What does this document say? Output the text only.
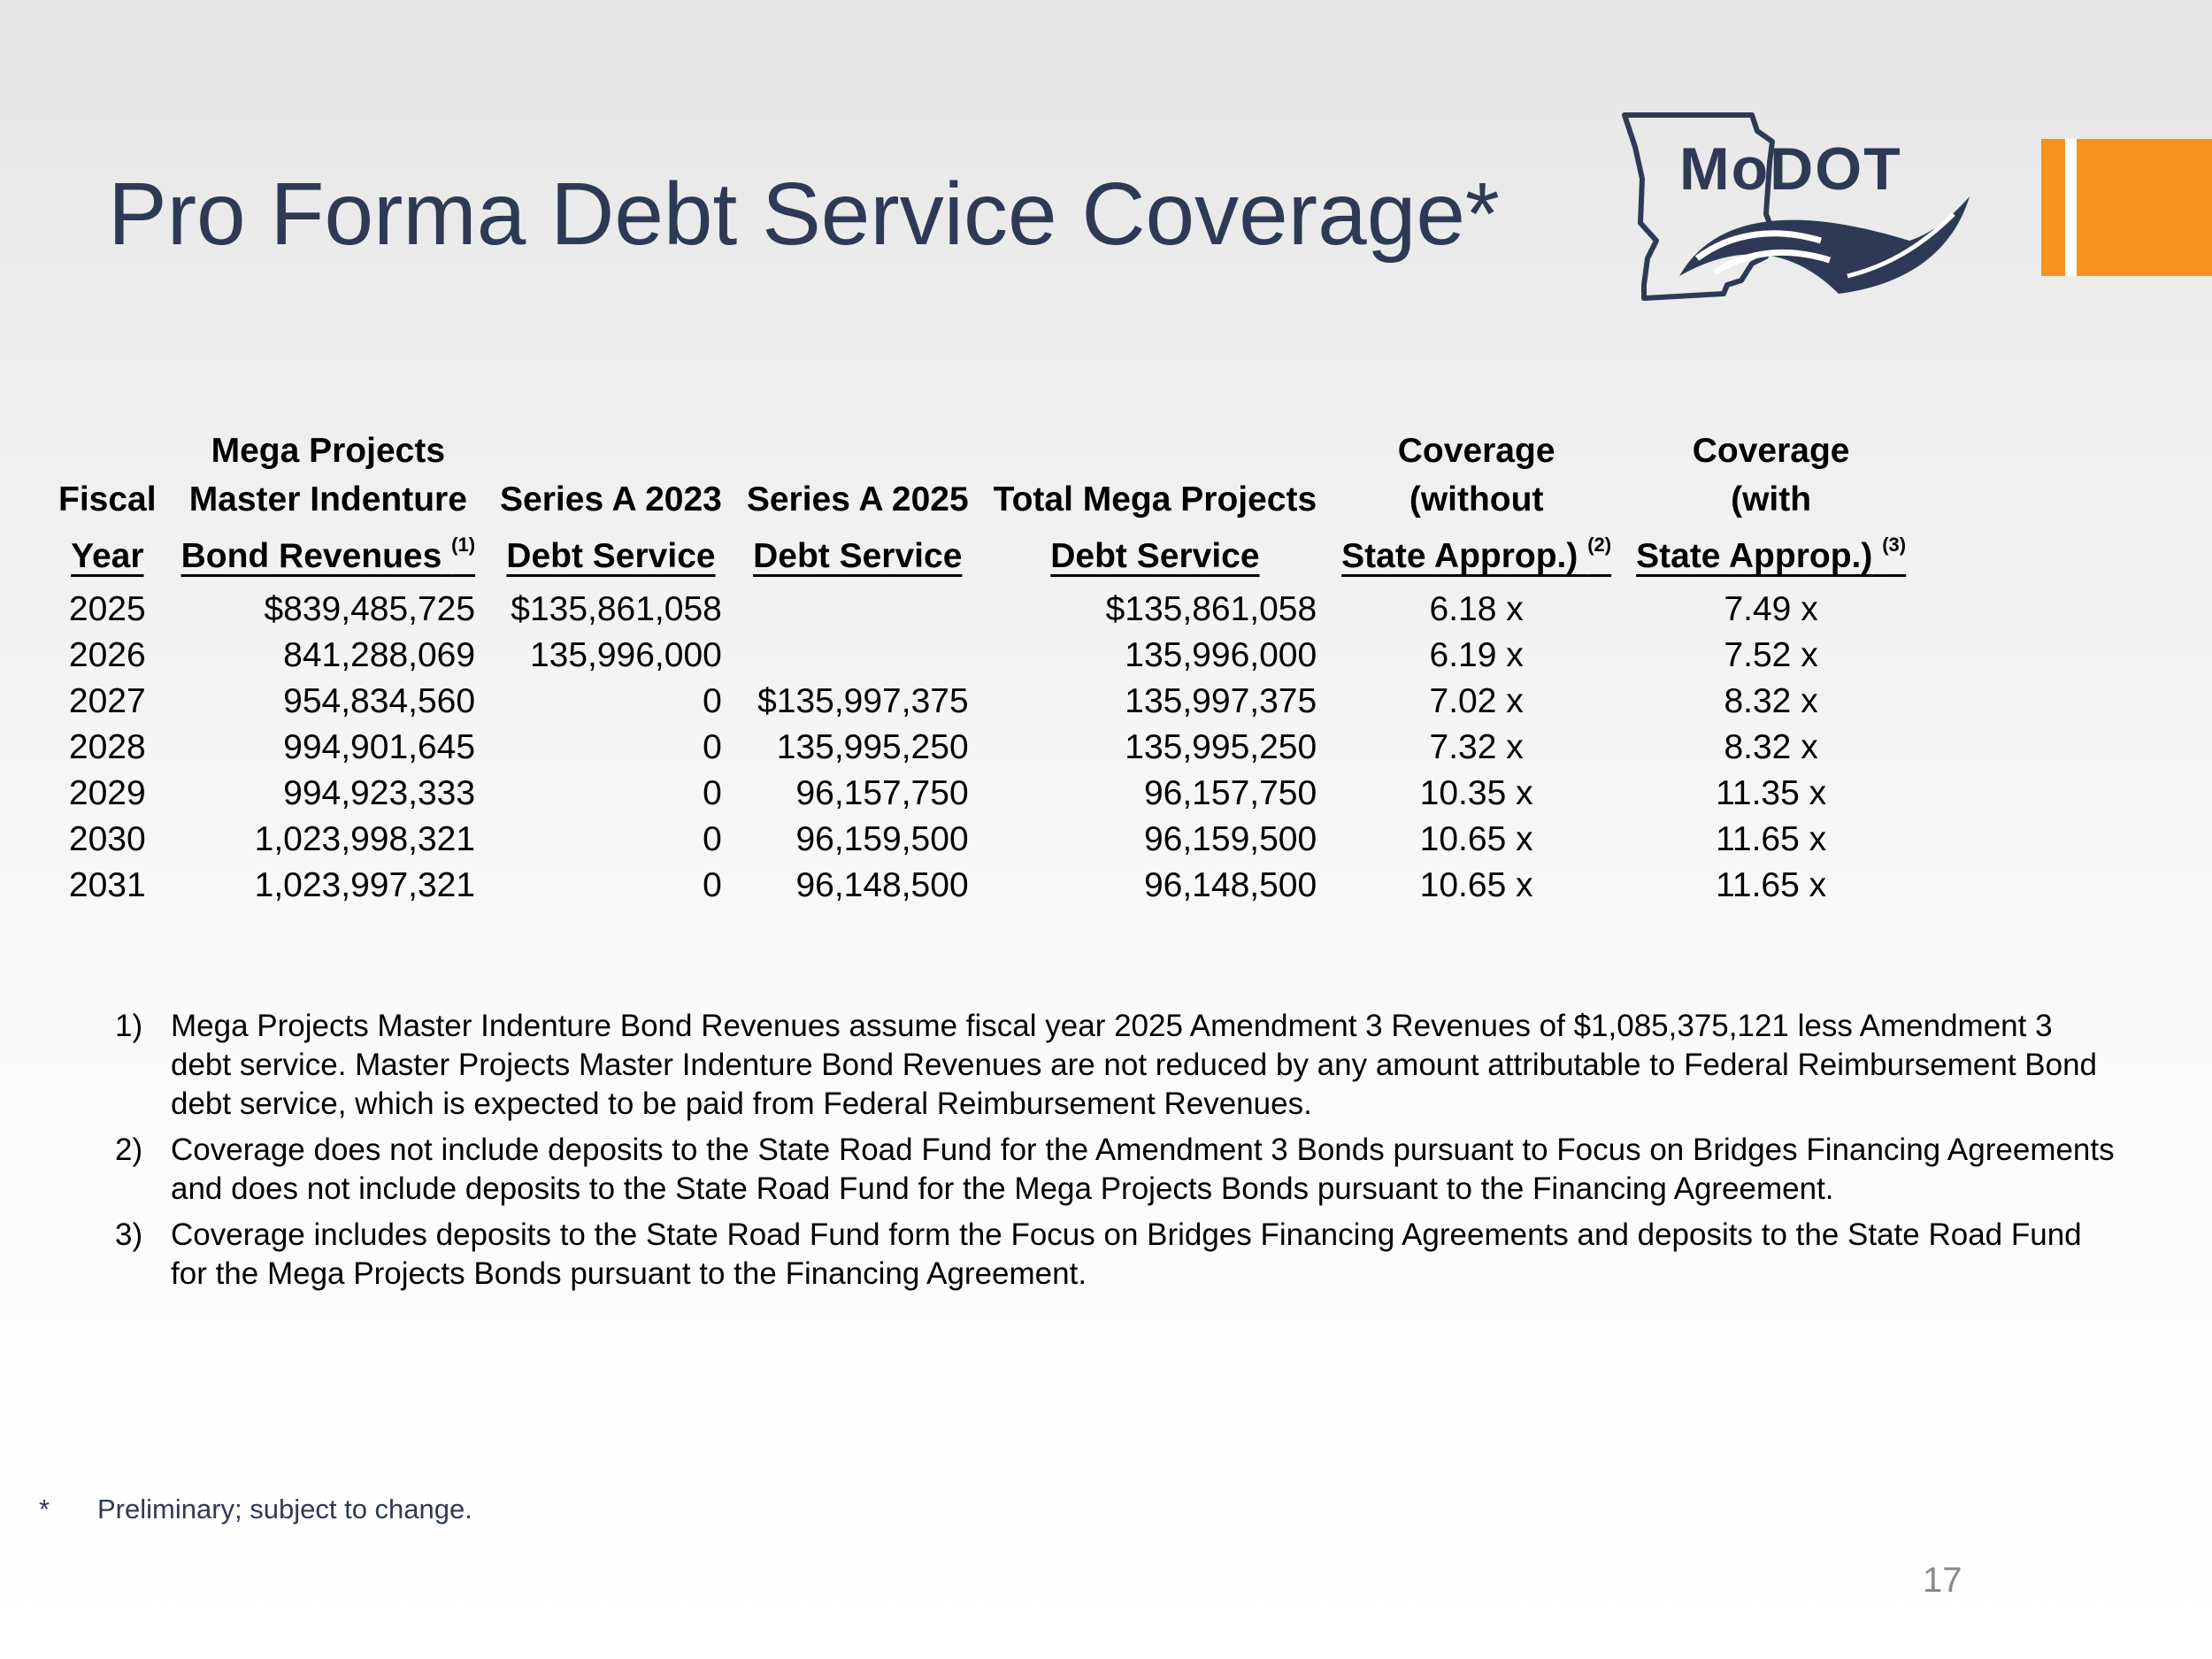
Pro Forma Debt Service Coverage*	MoDOT
	Mega Projects				Coverage	Coverage
Fiscal	Master Indenture	Series A 2023	Series A 2025	Total Mega Projects	(without	(with
Year	Bond Revenues $^{(1)}$	Debt Service	Debt Service	Debt Service	State Approp.) $^{(2)}$	State Approp.) $^{(3)}$
2025	$839,485,725	$135,861,058		$135,861,058	6.18 x	7.49 x
2026	841,288,069	135,996,000		135,996,000	6.19 x	7.52 x
2027	954,834,560	0	$135,997,375	135,997,375	7.02 x	8.32 x
2028	994,901,645	0	135,995,250	135,995,250	7.32 x	8.32 x
2029	994,923,333	0	96,157,750	96,157,750	10.35 x	11.35 x
2030	1,023,998,321	0	96,159,500	96,159,500	10.65 x	11.65 x
2031	1,023,997,321	0	96,148,500	96,148,500	10.65 x	11.65 x
1) Mega Projects Master Indenture Bond Revenues assume fiscal year 2025 Amendment 3 Revenues of $1,085,375,121 less Amendment 3 debt service. Master Projects Master Indenture Bond Revenues are not reduced by any amount attributable to Federal Reimbursement Bond debt service, which is expected to be paid from Federal Reimbursement Revenues.
2) Coverage does not include deposits to the State Road Fund for the Amendment 3 Bonds pursuant to Focus on Bridges Financing Agreements and does not include deposits to the State Road Fund for the Mega Projects Bonds pursuant to the Financing Agreement.
3) Coverage includes deposits to the State Road Fund form the Focus on Bridges Financing Agreements and deposits to the State Road Fund for the Mega Projects Bonds pursuant to the Financing Agreement.
*	Preliminary; subject to change.
17
